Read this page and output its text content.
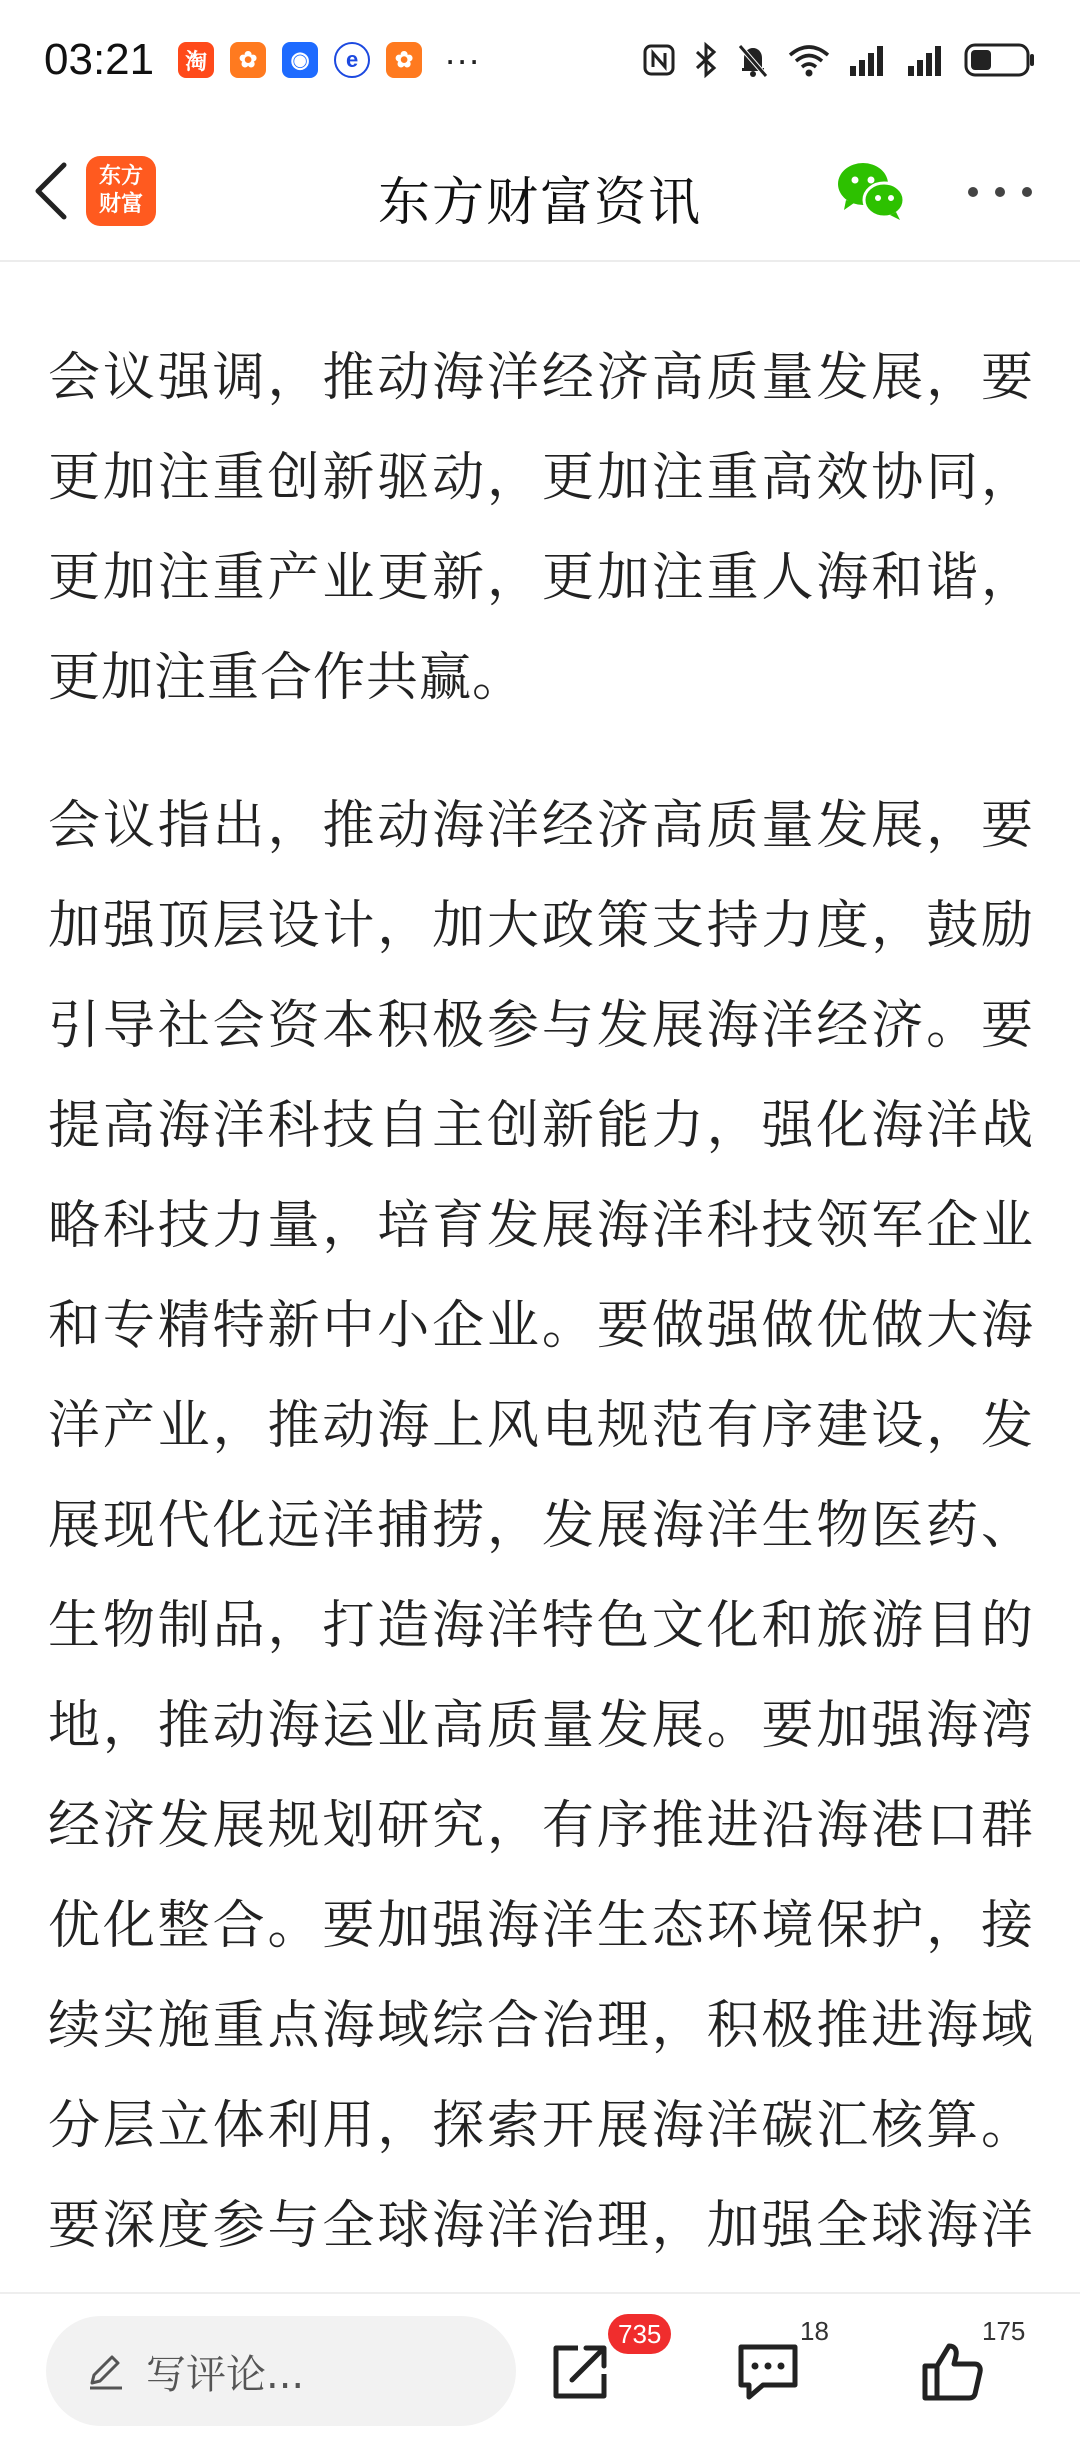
03:21 淘 ✿ ◉ e ✿ ···
东方
财富	东方财富资讯

会议强调，推动海洋经济高质量发展，要更加注重创新驱动，更加注重高效协同，更加注重产业更新，更加注重人海和谐，更加注重合作共赢。

会议指出，推动海洋经济高质量发展，要加强顶层设计，加大政策支持力度，鼓励引导社会资本积极参与发展海洋经济。要提高海洋科技自主创新能力，强化海洋战略科技力量，培育发展海洋科技领军企业和专精特新中小企业。要做强做优做大海洋产业，推动海上风电规范有序建设，发展现代化远洋捕捞，发展海洋生物医药、生物制品，打造海洋特色文化和旅游目的地，推动海运业高质量发展。要加强海湾经济发展规划研究，有序推进沿海港口群优化整合。要加强海洋生态环境保护，接续实施重点海域综合治理，积极推进海域分层立体利用，探索开展海洋碳汇核算。要深度参与全球海洋治理，加强全球海洋

写评论...
735	18	175
